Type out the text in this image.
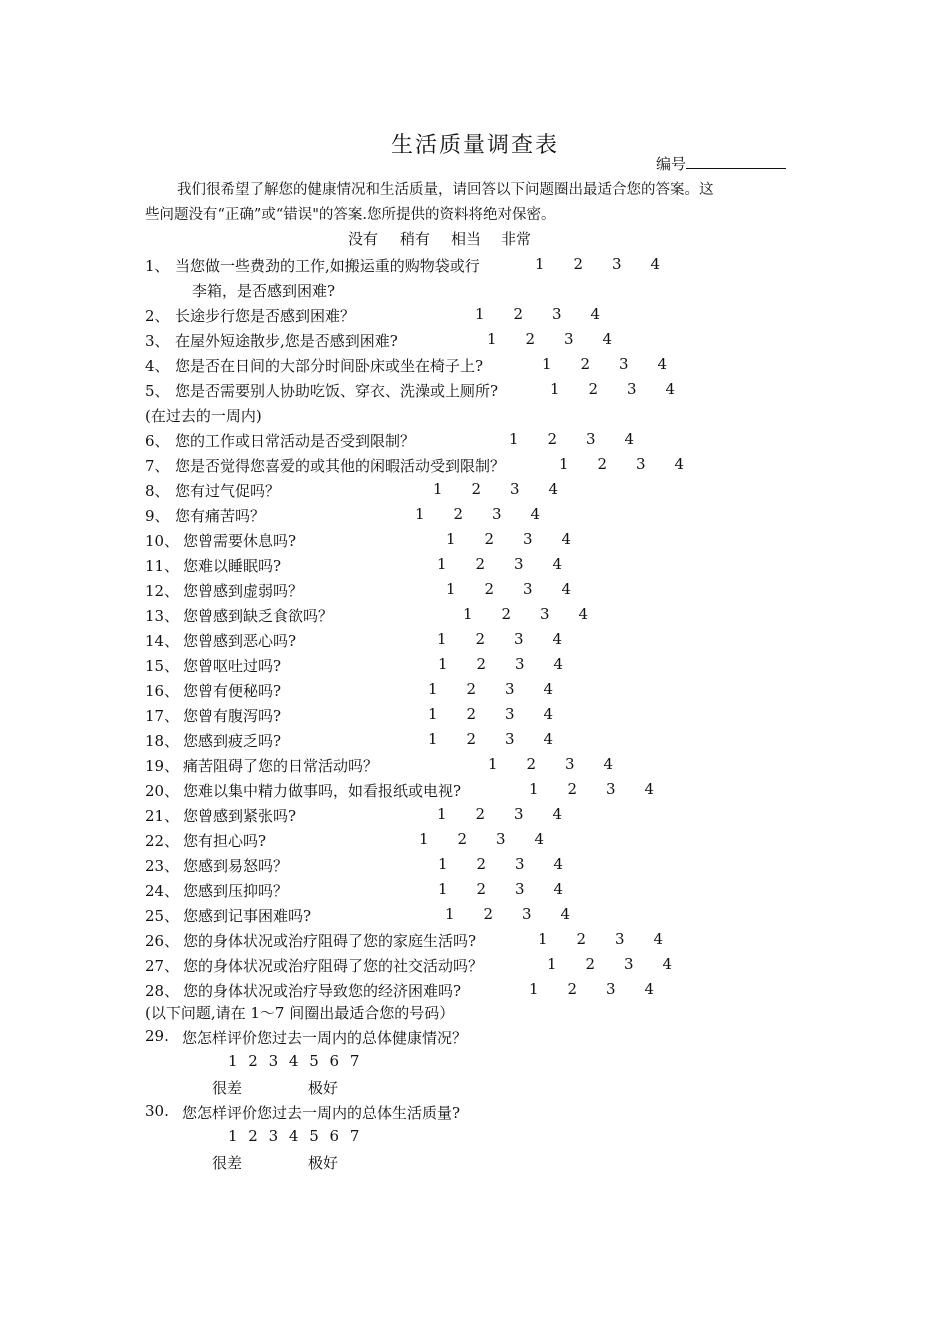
生活质量调查表
编号
我们很希望了解您的健康情况和生活质量，请回答以下问题圈出最适合您的答案。这
些问题没有“正确”或“错误"的答案.您所提供的资料将绝对保密。
没有 稍有 相当 非常
1、 当您做一些费劲的工作,如搬运重的购物袋或行	1 2 3 4
李箱，是否感到困难?
2、 长途步行您是否感到困难？	1 2 3 4
3、 在屋外短途散步,您是否感到困难?	1 2 3 4
4、 您是否在日间的大部分时间卧床或坐在椅子上?	1 2 3 4
5、 您是否需要别人协助吃饭、穿衣、洗澡或上厕所?	1 2 3 4
(在过去的一周内)
6、 您的工作或日常活动是否受到限制？	1 2 3 4
7、 您是否觉得您喜爱的或其他的闲暇活动受到限制？	1 2 3 4
8、 您有过气促吗？	1 2 3 4
9、 您有痛苦吗？	1 2 3 4
10、 您曾需要休息吗?	1 2 3 4
11、 您难以睡眠吗?	1 2 3 4
12、 您曾感到虚弱吗？	1 2 3 4
13、 您曾感到缺乏食欲吗？	1 2 3 4
14、 您曾感到恶心吗?	1 2 3 4
15、 您曾呕吐过吗?	1 2 3 4
16、 您曾有便秘吗?	1 2 3 4
17、 您曾有腹泻吗?	1 2 3 4
18、 您感到疲乏吗?	1 2 3 4
19、 痛苦阻碍了您的日常活动吗？	1 2 3 4
20、 您难以集中精力做事吗，如看报纸或电视?	1 2 3 4
21、 您曾感到紧张吗?	1 2 3 4
22、 您有担心吗?	1 2 3 4
23、 您感到易怒吗？	1 2 3 4
24、 您感到压抑吗？	1 2 3 4
25、 您感到记事困难吗?	1 2 3 4
26、 您的身体状况或治疗阻碍了您的家庭生活吗?	1 2 3 4
27、 您的身体状况或治疗阻碍了您的社交活动吗？	1 2 3 4
28、 您的身体状况或治疗导致您的经济困难吗?	1 2 3 4
(以下问题,请在 1～7 间圈出最适合您的号码）
29. 您怎样评价您过去一周内的总体健康情况？
1 2 3 4 5 6 7
很差	极好
30. 您怎样评价您过去一周内的总体生活质量?
1 2 3 4 5 6 7
很差	极好
